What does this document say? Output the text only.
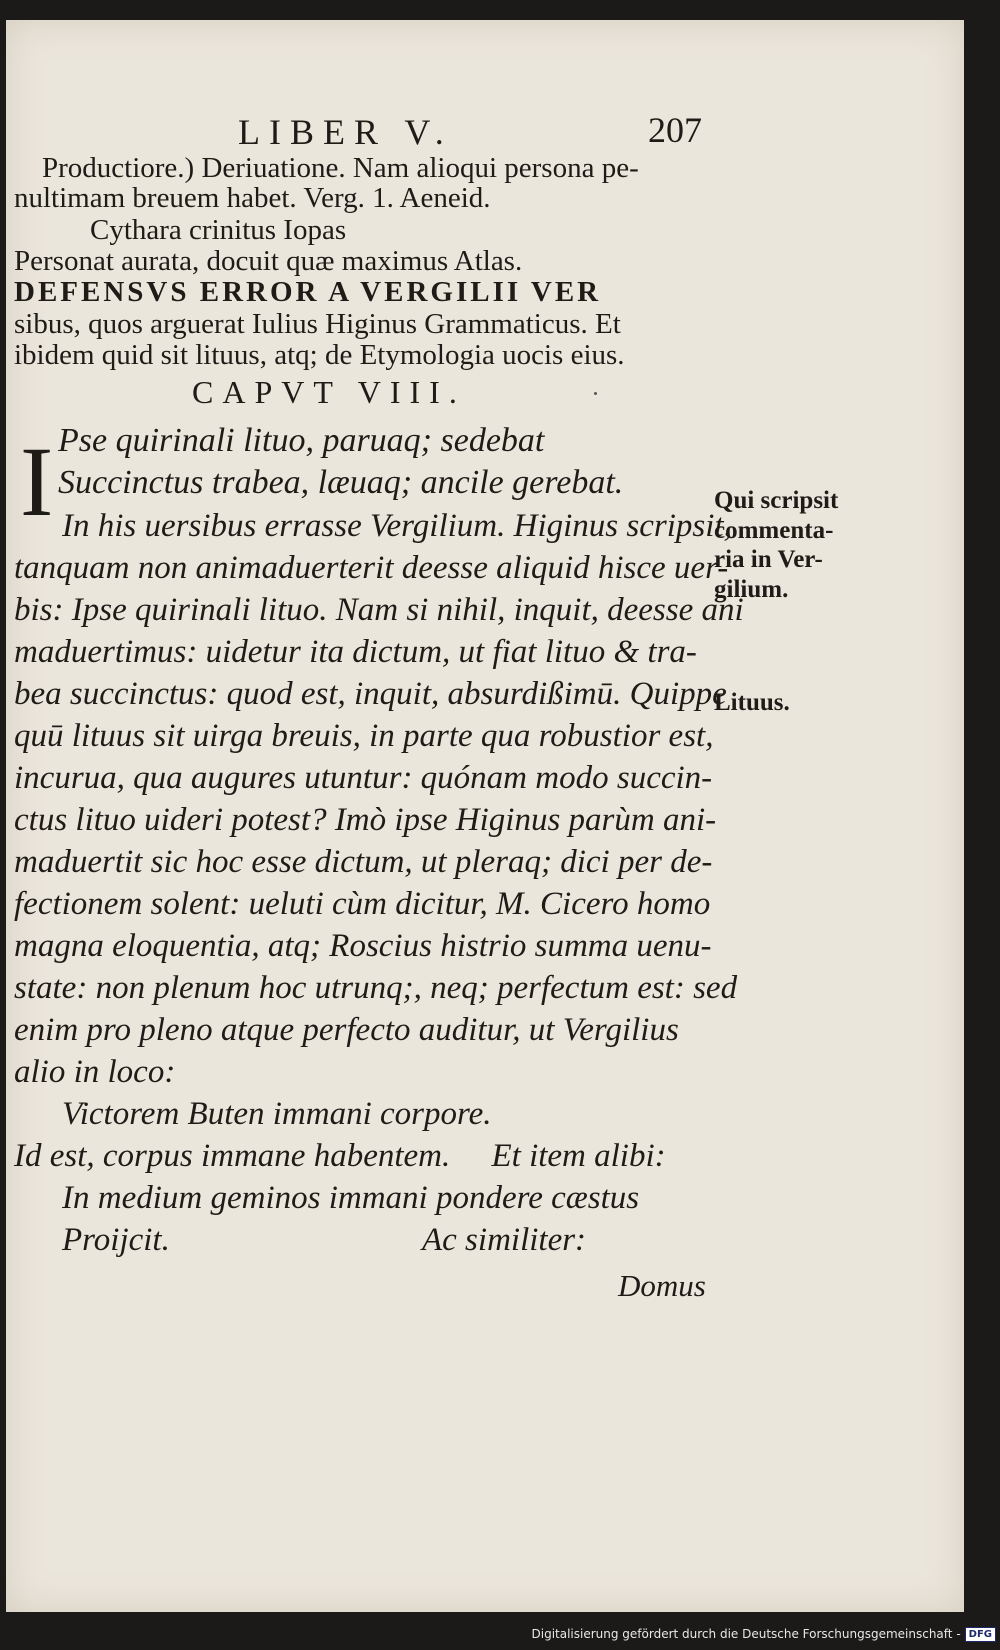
LIBER V.	207
Productiore.) Deriuatione. Nam alioqui persona pe-
nultimam breuem habet. Verg. 1. Aeneid.
Cythara crinitus Iopas
Personat aurata, docuit quæ maximus Atlas.
DEFENSVS ERROR A VERGILII VER
sibus, quos arguerat Iulius Higinus Grammaticus. Et
ibidem quid sit lituus, atq; de Etymologia uocis eius.
CAPVT VIII.
I Pse quirinali lituo, paruaq; sedebat
Succinctus trabea, læuaq; ancile gerebat.
In his uersibus errasse Vergilium. Higinus scripsit,
tanquam non animaduerterit deesse aliquid hisce uer-
bis: Ipse quirinali lituo. Nam si nihil, inquit, deesse ani
maduertimus: uidetur ita dictum, ut fiat lituo & tra-
bea succinctus: quod est, inquit, absurdißimū. Quippe
quū lituus sit uirga breuis, in parte qua robustior est,
incurua, qua augures utuntur: quónam modo succin-
ctus lituo uideri potest? Imò ipse Higinus parùm ani-
maduertit sic hoc esse dictum, ut pleraq; dici per de-
fectionem solent: ueluti cùm dicitur, M. Cicero homo
magna eloquentia, atq; Roscius histrio summa uenu-
state: non plenum hoc utrunq;, neq; perfectum est: sed
enim pro pleno atque perfecto auditur, ut Vergilius
alio in loco:
Victorem Buten immani corpore.
Id est, corpus immane habentem.     Et item alibi:
In medium geminos immani pondere cæstus
Proijcit.	Ac similiter:
Domus
Qui scripsit
commenta-
ria in Ver-
gilium.
Lituus.
Digitalisierung gefördert durch die Deutsche Forschungsgemeinschaft - DFG
